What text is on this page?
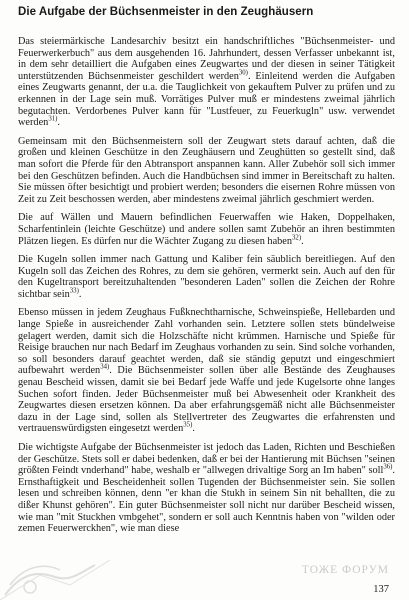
Die Aufgabe der Büchsenmeister in den Zeughäusern

Das steiermärkische Landesarchiv besitzt ein handschriftliches "Büchsenmeister- und Feuerwerkerbuch" aus dem ausgehenden 16. Jahrhundert, dessen Verfasser unbekannt ist, in dem sehr detailliert die Aufgaben eines Zeugwartes und der diesen in seiner Tätigkeit unterstützenden Büchsenmeister geschildert werden$^{30)}$. Einleitend werden die Aufgaben eines Zeugwarts genannt, der u.a. die Tauglichkeit von gekauftem Pulver zu prüfen und zu erkennen in der Lage sein muß. Vorrätiges Pulver muß er mindestens zweimal jährlich begutachten. Verdorbenes Pulver kann für "Lustfeuer, zu Feuerkugln" usw. verwendet werden$^{31)}$.

Gemeinsam mit den Büchsenmeistern soll der Zeugwart stets darauf achten, daß die großen und kleinen Geschütze in den Zeughäusern und Zeughütten so gestellt sind, daß man sofort die Pferde für den Abtransport anspannen kann. Aller Zubehör soll sich immer bei den Geschützen befinden. Auch die Handbüchsen sind immer in Bereitschaft zu halten. Sie müssen öfter besichtigt und probiert werden; besonders die eisernen Rohre müssen von Zeit zu Zeit beschossen werden, aber mindestens zweimal jährlich geschmiert werden.

Die auf Wällen und Mauern befindlichen Feuerwaffen wie Haken, Doppelhaken, Scharfentinlein (leichte Geschütze) und andere sollen samt Zubehör an ihren bestimmten Plätzen liegen. Es dürfen nur die Wächter Zugang zu diesen haben$^{32)}$.

Die Kugeln sollen immer nach Gattung und Kaliber fein säublich bereitliegen. Auf den Kugeln soll das Zeichen des Rohres, zu dem sie gehören, vermerkt sein. Auch auf den für den Kugeltransport bereitzuhaltenden "besonderen Laden" sollen die Zeichen der Rohre sichtbar sein$^{33)}$.

Ebenso müssen in jedem Zeughaus Fußknechtharnische, Schweinspieße, Hellebarden und lange Spieße in ausreichender Zahl vorhanden sein. Letztere sollen stets bündelweise gelagert werden, damit sich die Holzschäfte nicht krümmen. Harnische und Spieße für Reisige brauchen nur nach Bedarf im Zeughaus vorhanden zu sein. Sind solche vorhanden, so soll besonders darauf geachtet werden, daß sie ständig geputzt und eingeschmiert aufbewahrt werden$^{34)}$. Die Büchsenmeister sollen über alle Bestände des Zeughauses genau Bescheid wissen, damit sie bei Bedarf jede Waffe und jede Kugelsorte ohne langes Suchen sofort finden. Jeder Büchsenmeister muß bei Abwesenheit oder Krankheit des Zeugwartes diesen ersetzen können. Da aber erfahrungsgemäß nicht alle Büchsenmeister dazu in der Lage sind, sollen als Stellvertreter des Zeugwartes die erfahrensten und vertrauenswürdigsten eingesetzt werden$^{35)}$.

Die wichtigste Aufgabe der Büchsenmeister ist jedoch das Laden, Richten und Beschießen der Geschütze. Stets soll er dabei bedenken, daß er bei der Hantierung mit Büchsen "seinen größten Feindt vnderhand" habe, weshalb er "allwegen drivaltige Sorg an Im haben" soll$^{36)}$. Ernsthaftigkeit und Bescheidenheit sollen Tugenden der Büchsenmeister sein. Sie sollen lesen und schreiben können, denn "er khan die Stukh in seinem Sin nit behallten, die zu dißer Khunst gehören". Ein guter Büchsenmeister soll nicht nur darüber Bescheid wissen, wie man "mit Stuckhen vmbgehet", sondern er soll auch Kenntnis haben von "wilden oder zemen Feuerwerckhen", wie man diese

ТОЖЕ ФОРУМ
137
